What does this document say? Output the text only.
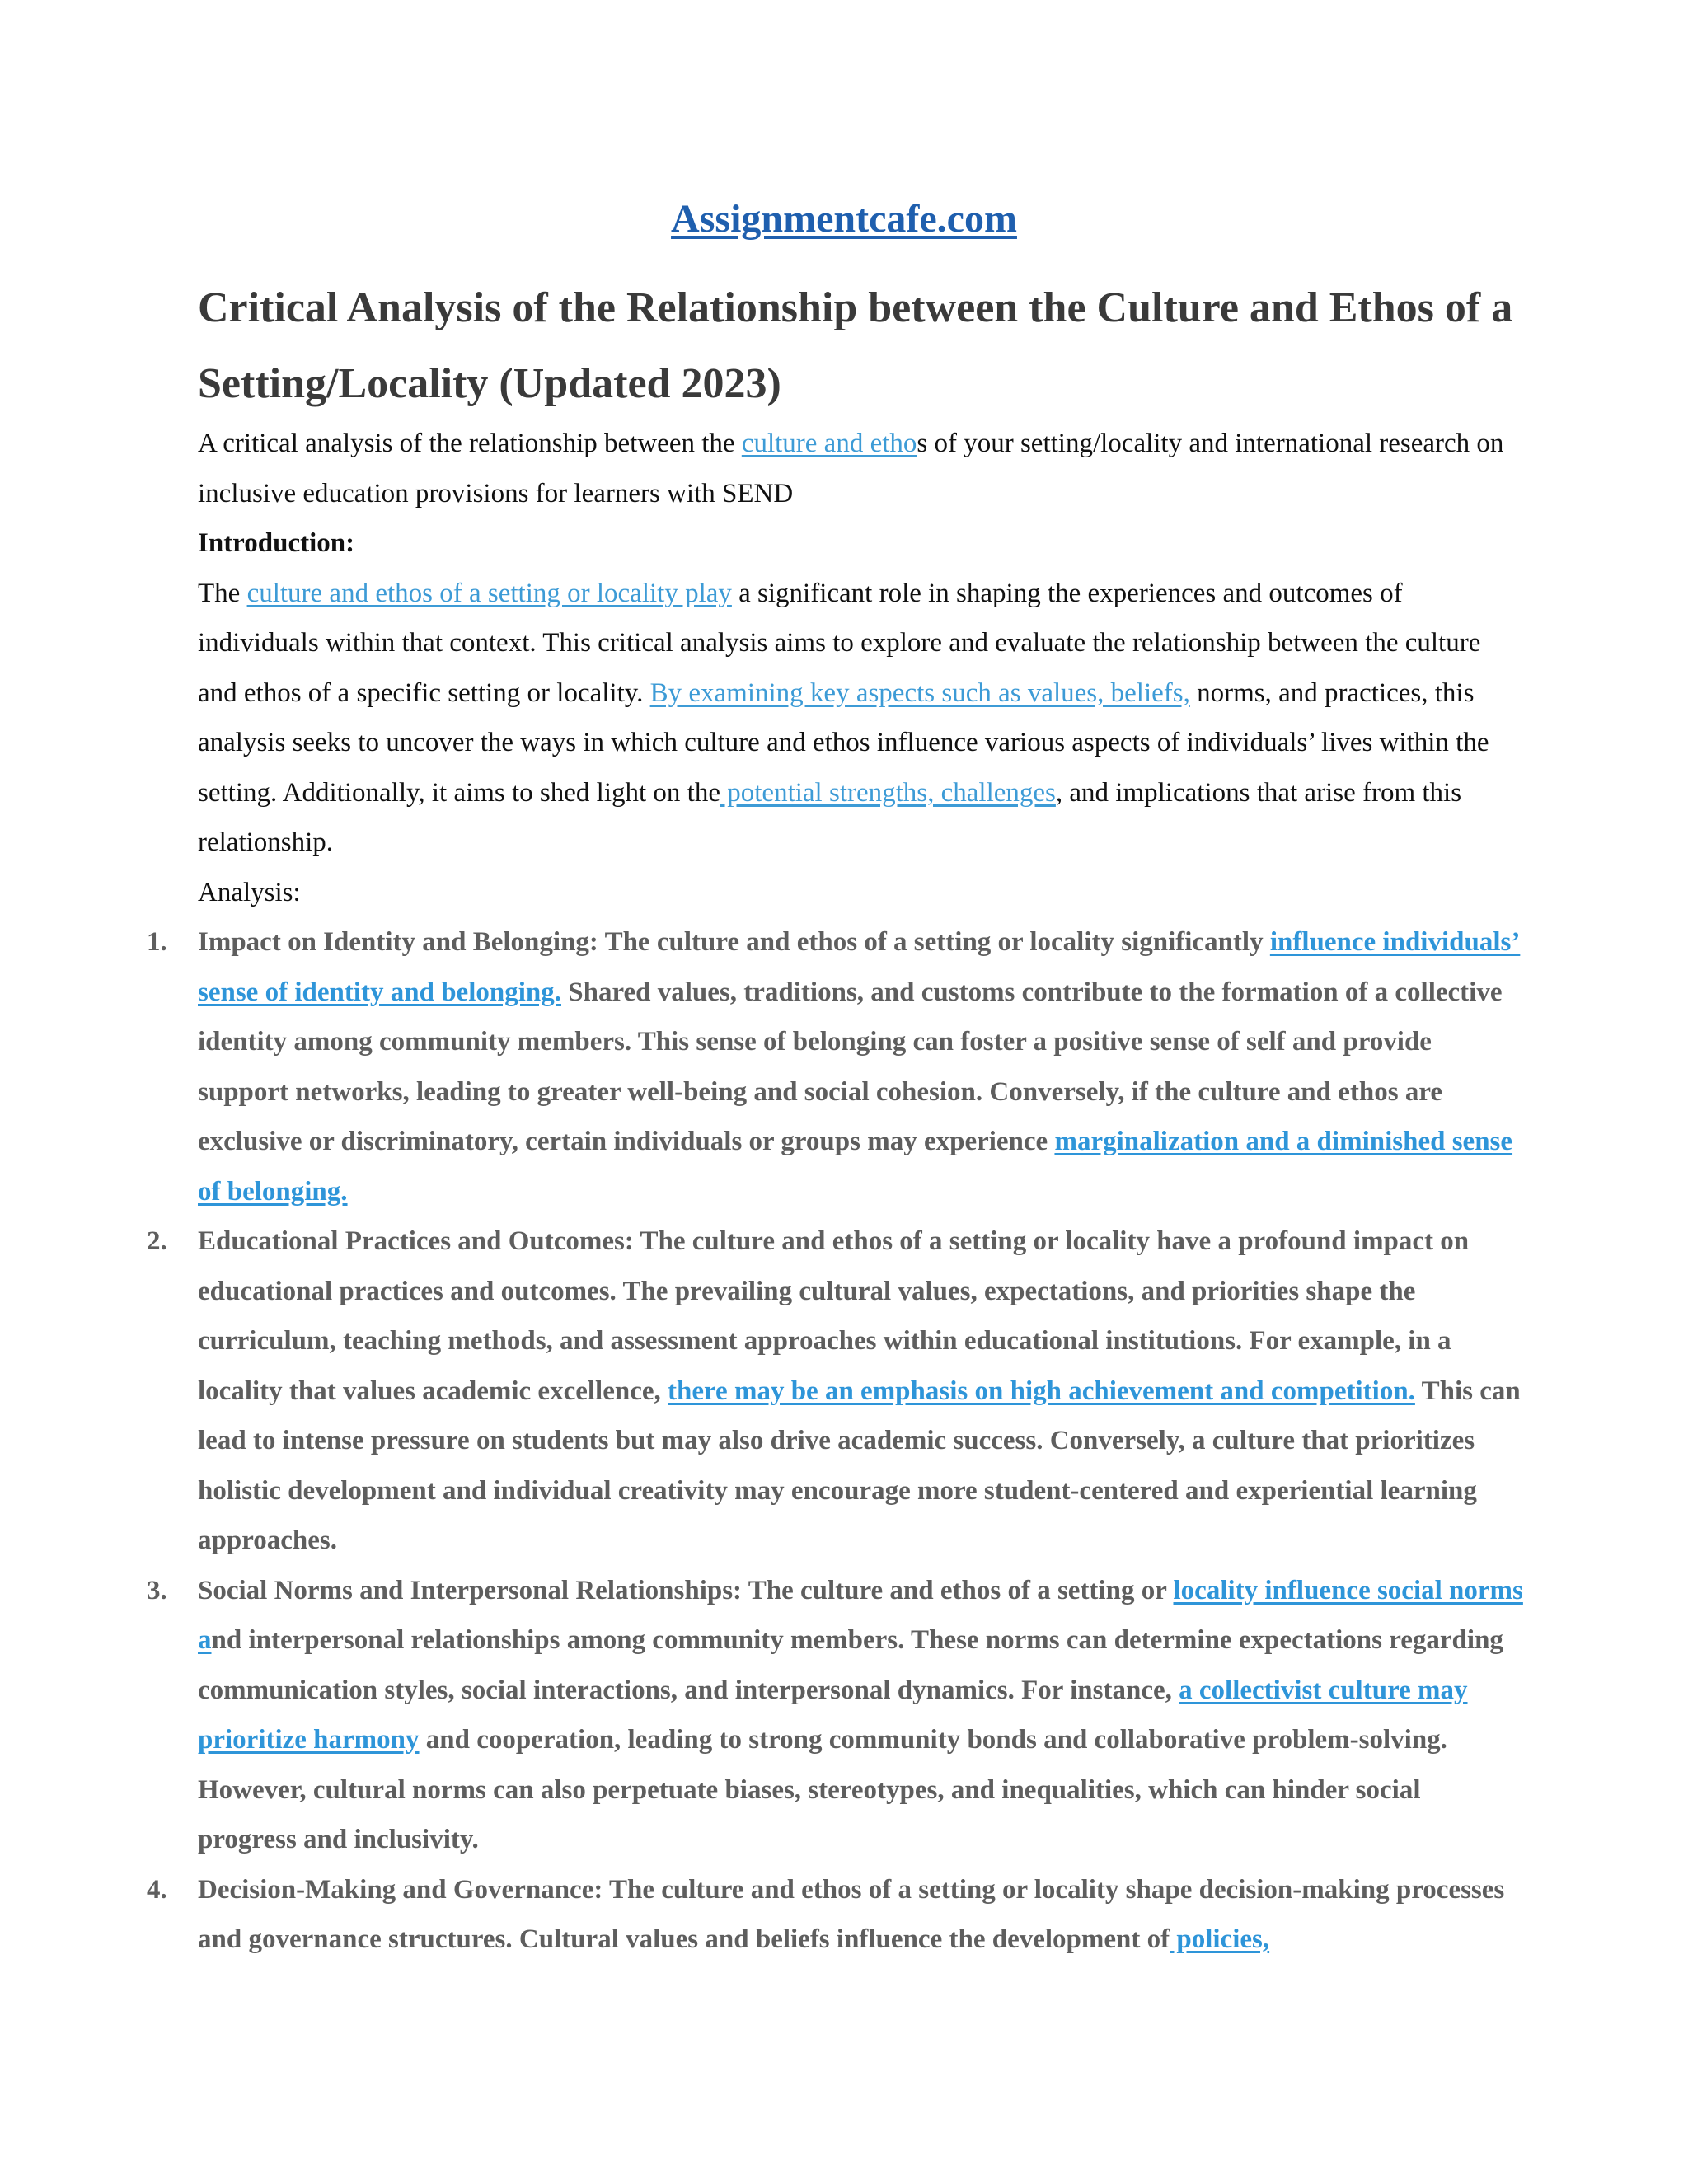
Assignmentcafe.com
Critical Analysis of the Relationship between the Culture and Ethos of a Setting/Locality (Updated 2023)

A critical analysis of the relationship between the culture and ethos of your setting/locality and international research on inclusive education provisions for learners with SEND

Introduction:

The culture and ethos of a setting or locality play a significant role in shaping the experiences and outcomes of individuals within that context. This critical analysis aims to explore and evaluate the relationship between the culture and ethos of a specific setting or locality. By examining key aspects such as values, beliefs, norms, and practices, this analysis seeks to uncover the ways in which culture and ethos influence various aspects of individuals’ lives within the setting. Additionally, it aims to shed light on the potential strengths, challenges, and implications that arise from this relationship.

Analysis:

1. Impact on Identity and Belonging: The culture and ethos of a setting or locality significantly influence individuals’ sense of identity and belonging. Shared values, traditions, and customs contribute to the formation of a collective identity among community members. This sense of belonging can foster a positive sense of self and provide support networks, leading to greater well-being and social cohesion. Conversely, if the culture and ethos are exclusive or discriminatory, certain individuals or groups may experience marginalization and a diminished sense of belonging.
2. Educational Practices and Outcomes: The culture and ethos of a setting or locality have a profound impact on educational practices and outcomes. The prevailing cultural values, expectations, and priorities shape the curriculum, teaching methods, and assessment approaches within educational institutions. For example, in a locality that values academic excellence, there may be an emphasis on high achievement and competition. This can lead to intense pressure on students but may also drive academic success. Conversely, a culture that prioritizes holistic development and individual creativity may encourage more student-centered and experiential learning approaches.
3. Social Norms and Interpersonal Relationships: The culture and ethos of a setting or locality influence social norms and interpersonal relationships among community members. These norms can determine expectations regarding communication styles, social interactions, and interpersonal dynamics. For instance, a collectivist culture may prioritize harmony and cooperation, leading to strong community bonds and collaborative problem-solving. However, cultural norms can also perpetuate biases, stereotypes, and inequalities, which can hinder social progress and inclusivity.
4. Decision-Making and Governance: The culture and ethos of a setting or locality shape decision-making processes and governance structures. Cultural values and beliefs influence the development of policies,
